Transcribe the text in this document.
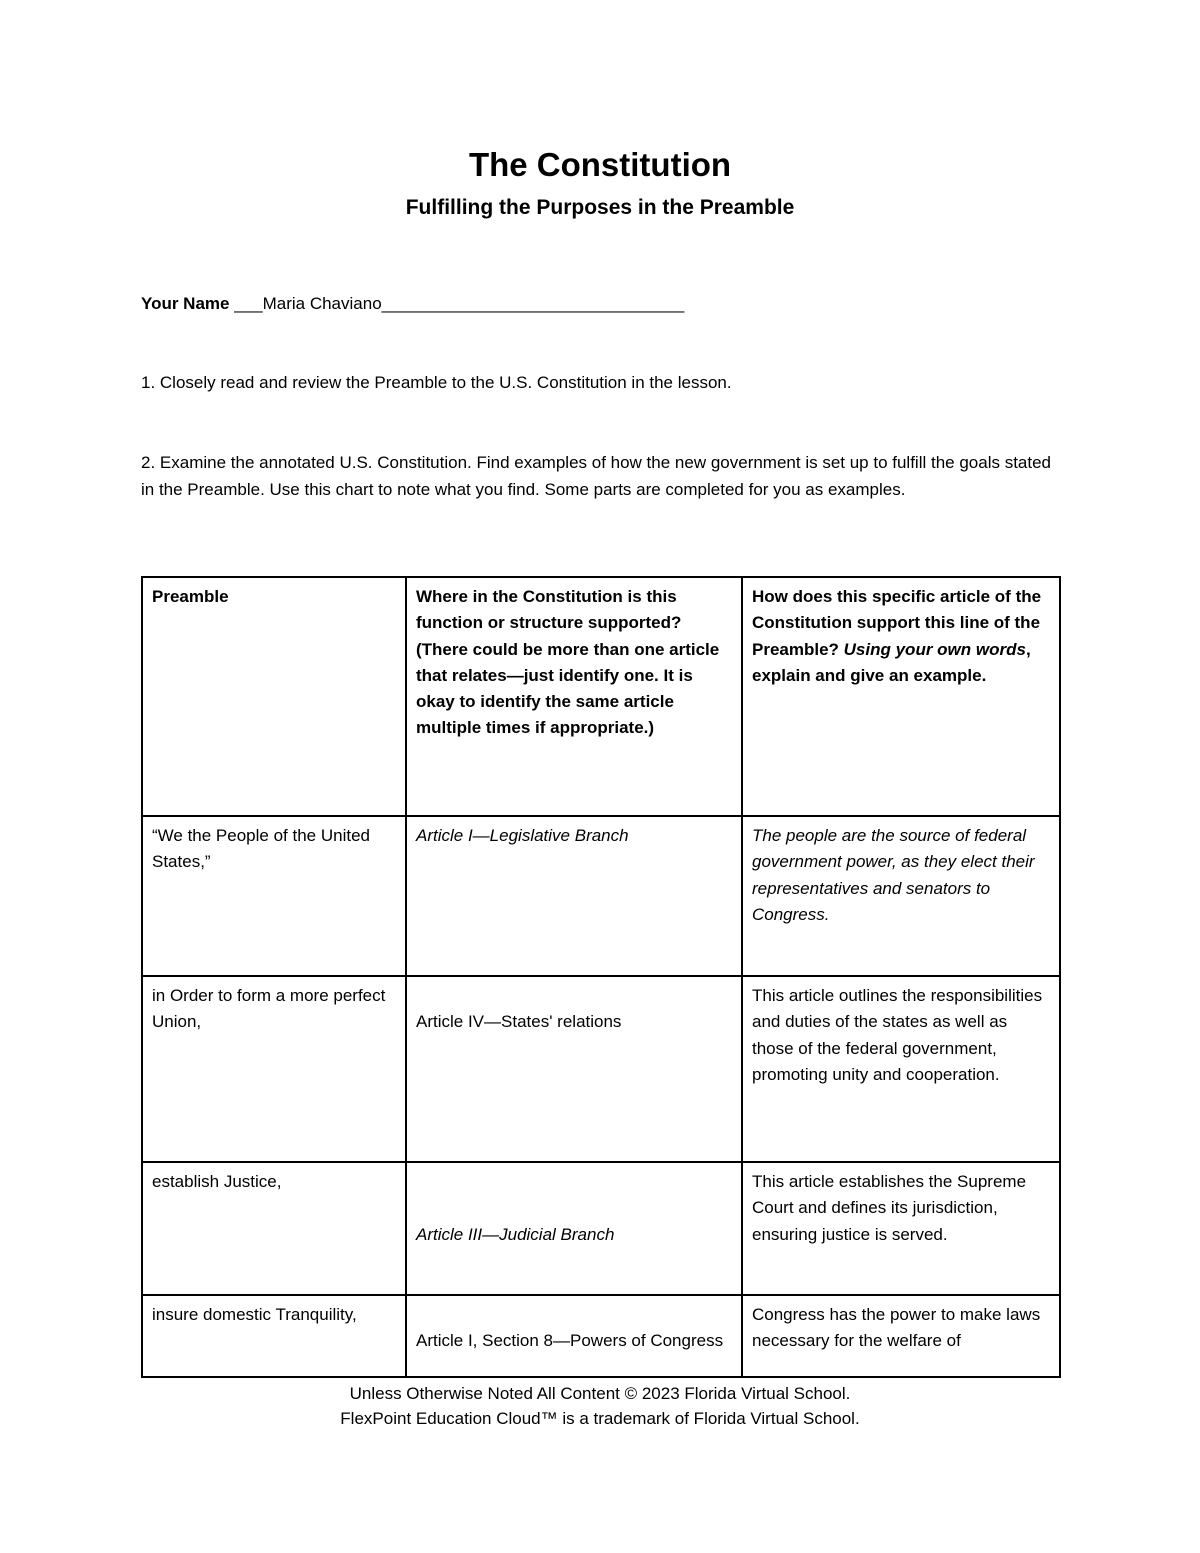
The Constitution
Fulfilling the Purposes in the Preamble
Your Name ___Maria Chaviano________________________________
1. Closely read and review the Preamble to the U.S. Constitution in the lesson.
2. Examine the annotated U.S. Constitution. Find examples of how the new government is set up to fulfill the goals stated in the Preamble. Use this chart to note what you find. Some parts are completed for you as examples.
Preamble	Where in the Constitution is this function or structure supported? (There could be more than one article that relates—just identify one. It is okay to identify the same article multiple times if appropriate.)	How does this specific article of the Constitution support this line of the Preamble? Using your own words, explain and give an example.
“We the People of the United States,”	Article I—Legislative Branch	The people are the source of federal government power, as they elect their representatives and senators to Congress.
in Order to form a more perfect Union,	Article IV—States' relations	This article outlines the responsibilities and duties of the states as well as those of the federal government, promoting unity and cooperation.
establish Justice,	Article III—Judicial Branch	This article establishes the Supreme Court and defines its jurisdiction, ensuring justice is served.
insure domestic Tranquility,	Article I, Section 8—Powers of Congress	Congress has the power to make laws necessary for the welfare of
Unless Otherwise Noted All Content © 2023 Florida Virtual School.
FlexPoint Education Cloud™ is a trademark of Florida Virtual School.
